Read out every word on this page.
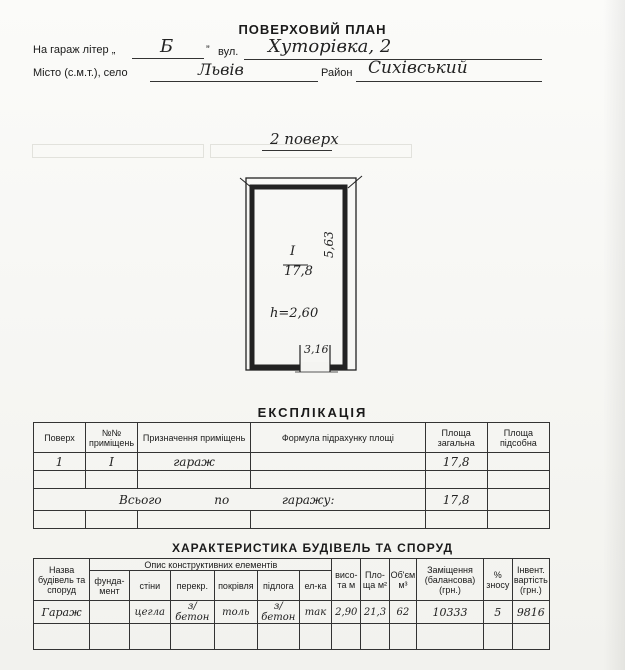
ПОВЕРХОВИЙ ПЛАН
На гараж літер „ Б	” вул. Хуторівка, 2
Місто (с.м.т.), село	Львів	Район Сихівський
2 поверх
I
17,8
h=2,60
5,63
3,16
ЕКСПЛІКАЦІЯ
Поверх	№№ приміщень	Призначення приміщень	Формула підрахунку площі	Площа загальна	Площа підсобна
1	I	гараж		17,8	

Всього по гаражу:				17,8	

ХАРАКТЕРИСТИКА БУДІВЕЛЬ ТА СПОРУД
Назва будівель та споруд	Опис конструктивних елементів						висо-та м	Пло-ща м²	Об'єм м³	Заміщення (балансова) (грн.)	% зносу	Інвент. вартість (грн.)
	фунда-мент	стіни	перекр.	покрівля	підлога	ел-ка						
Гараж		цегла	з/бетон	толь	з/бетон	так	2,90	21,3	62	10333	5	9816
